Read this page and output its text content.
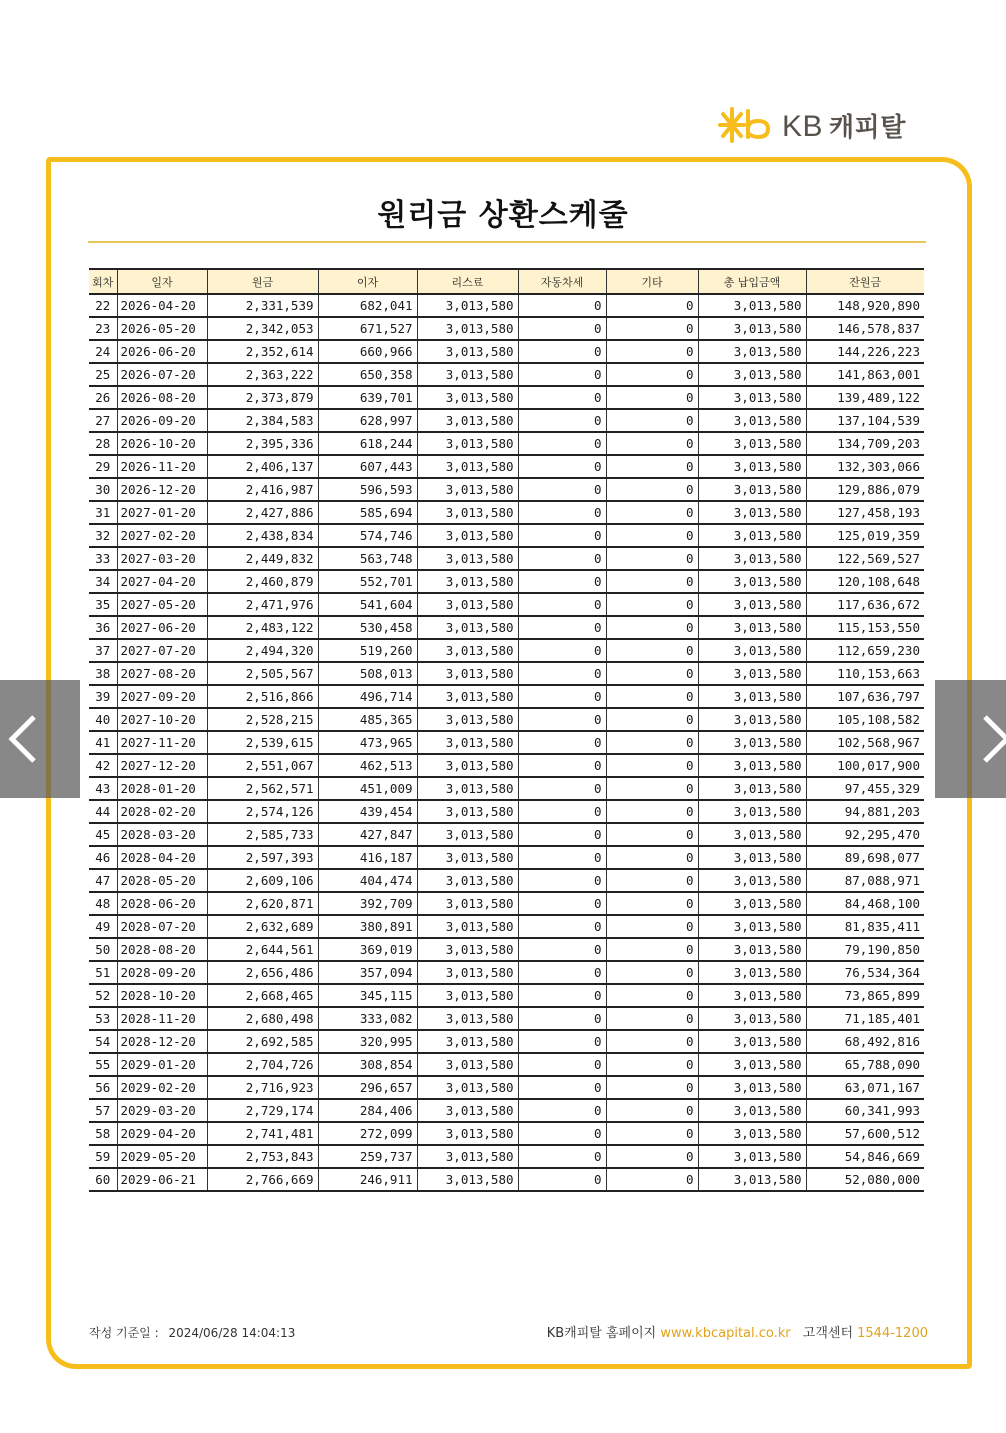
KB 캐피탈
원리금 상환스케줄
회차	일자	원금	이자	리스료	자동차세	기타	총 납입금액	잔원금
22	2026-04-20	2,331,539	682,041	3,013,580	0	0	3,013,580	148,920,890
23	2026-05-20	2,342,053	671,527	3,013,580	0	0	3,013,580	146,578,837
24	2026-06-20	2,352,614	660,966	3,013,580	0	0	3,013,580	144,226,223
25	2026-07-20	2,363,222	650,358	3,013,580	0	0	3,013,580	141,863,001
26	2026-08-20	2,373,879	639,701	3,013,580	0	0	3,013,580	139,489,122
27	2026-09-20	2,384,583	628,997	3,013,580	0	0	3,013,580	137,104,539
28	2026-10-20	2,395,336	618,244	3,013,580	0	0	3,013,580	134,709,203
29	2026-11-20	2,406,137	607,443	3,013,580	0	0	3,013,580	132,303,066
30	2026-12-20	2,416,987	596,593	3,013,580	0	0	3,013,580	129,886,079
31	2027-01-20	2,427,886	585,694	3,013,580	0	0	3,013,580	127,458,193
32	2027-02-20	2,438,834	574,746	3,013,580	0	0	3,013,580	125,019,359
33	2027-03-20	2,449,832	563,748	3,013,580	0	0	3,013,580	122,569,527
34	2027-04-20	2,460,879	552,701	3,013,580	0	0	3,013,580	120,108,648
35	2027-05-20	2,471,976	541,604	3,013,580	0	0	3,013,580	117,636,672
36	2027-06-20	2,483,122	530,458	3,013,580	0	0	3,013,580	115,153,550
37	2027-07-20	2,494,320	519,260	3,013,580	0	0	3,013,580	112,659,230
38	2027-08-20	2,505,567	508,013	3,013,580	0	0	3,013,580	110,153,663
39	2027-09-20	2,516,866	496,714	3,013,580	0	0	3,013,580	107,636,797
40	2027-10-20	2,528,215	485,365	3,013,580	0	0	3,013,580	105,108,582
41	2027-11-20	2,539,615	473,965	3,013,580	0	0	3,013,580	102,568,967
42	2027-12-20	2,551,067	462,513	3,013,580	0	0	3,013,580	100,017,900
43	2028-01-20	2,562,571	451,009	3,013,580	0	0	3,013,580	97,455,329
44	2028-02-20	2,574,126	439,454	3,013,580	0	0	3,013,580	94,881,203
45	2028-03-20	2,585,733	427,847	3,013,580	0	0	3,013,580	92,295,470
46	2028-04-20	2,597,393	416,187	3,013,580	0	0	3,013,580	89,698,077
47	2028-05-20	2,609,106	404,474	3,013,580	0	0	3,013,580	87,088,971
48	2028-06-20	2,620,871	392,709	3,013,580	0	0	3,013,580	84,468,100
49	2028-07-20	2,632,689	380,891	3,013,580	0	0	3,013,580	81,835,411
50	2028-08-20	2,644,561	369,019	3,013,580	0	0	3,013,580	79,190,850
51	2028-09-20	2,656,486	357,094	3,013,580	0	0	3,013,580	76,534,364
52	2028-10-20	2,668,465	345,115	3,013,580	0	0	3,013,580	73,865,899
53	2028-11-20	2,680,498	333,082	3,013,580	0	0	3,013,580	71,185,401
54	2028-12-20	2,692,585	320,995	3,013,580	0	0	3,013,580	68,492,816
55	2029-01-20	2,704,726	308,854	3,013,580	0	0	3,013,580	65,788,090
56	2029-02-20	2,716,923	296,657	3,013,580	0	0	3,013,580	63,071,167
57	2029-03-20	2,729,174	284,406	3,013,580	0	0	3,013,580	60,341,993
58	2029-04-20	2,741,481	272,099	3,013,580	0	0	3,013,580	57,600,512
59	2029-05-20	2,753,843	259,737	3,013,580	0	0	3,013,580	54,846,669
60	2029-06-21	2,766,669	246,911	3,013,580	0	0	3,013,580	52,080,000
작성 기준일 : 2024/06/28 14:04:13	KB캐피탈 홈페이지 www.kbcapital.co.kr 고객센터 1544-1200
